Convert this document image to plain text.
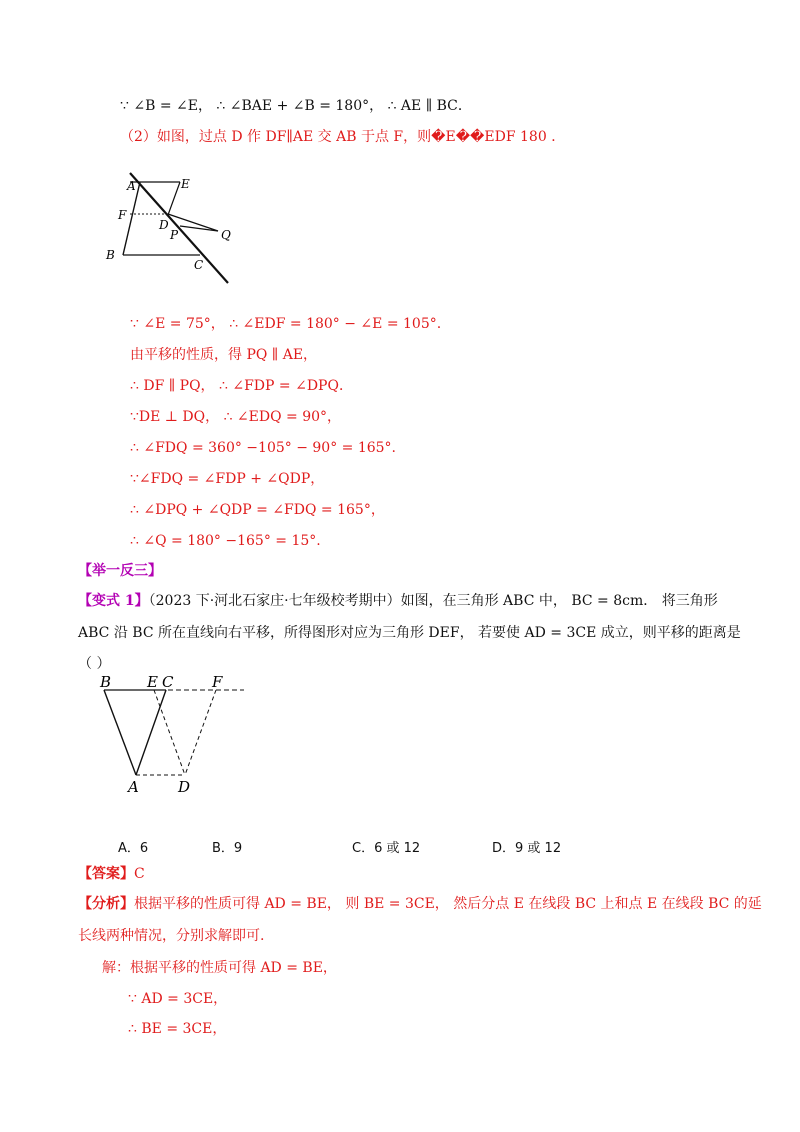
∵ ∠B = ∠E， ∴ ∠BAE + ∠B = 180°， ∴ AE ∥ BC．
（2）如图，过点 D 作 DF∥AE 交 AB 于点 F，则�E��EDF 180 ．
A	E
F
D
P	Q
B
C
∵ ∠E = 75°， ∴ ∠EDF = 180° − ∠E = 105°.
由平移的性质，得 PQ ∥ AE，
∴ DF ∥ PQ， ∴ ∠FDP = ∠DPQ．
∵DE ⊥ DQ， ∴ ∠EDQ = 90°，
∴ ∠FDQ = 360° −105° − 90° = 165°.
∵∠FDQ = ∠FDP + ∠QDP，
∴ ∠DPQ + ∠QDP = ∠FDQ = 165°，
∴ ∠Q = 180° −165° = 15°.
【举一反三】
【变式 1】（2023 下·河北石家庄·七年级校考期中）如图，在三角形 ABC 中， BC = 8cm． 将三角形
ABC 沿 BC 所在直线向右平移，所得图形对应为三角形 DEF， 若要使 AD = 3CE 成立，则平移的距离是
（ ）
B E C	F
A	D
A．6	B．9	C．6 或 12	D．9 或 12
【答案】C
【分析】根据平移的性质可得 AD = BE， 则 BE = 3CE， 然后分点 E 在线段 BC 上和点 E 在线段 BC 的延
长线两种情况，分别求解即可.
解：根据平移的性质可得 AD = BE，
∵ AD = 3CE，
∴ BE = 3CE，
